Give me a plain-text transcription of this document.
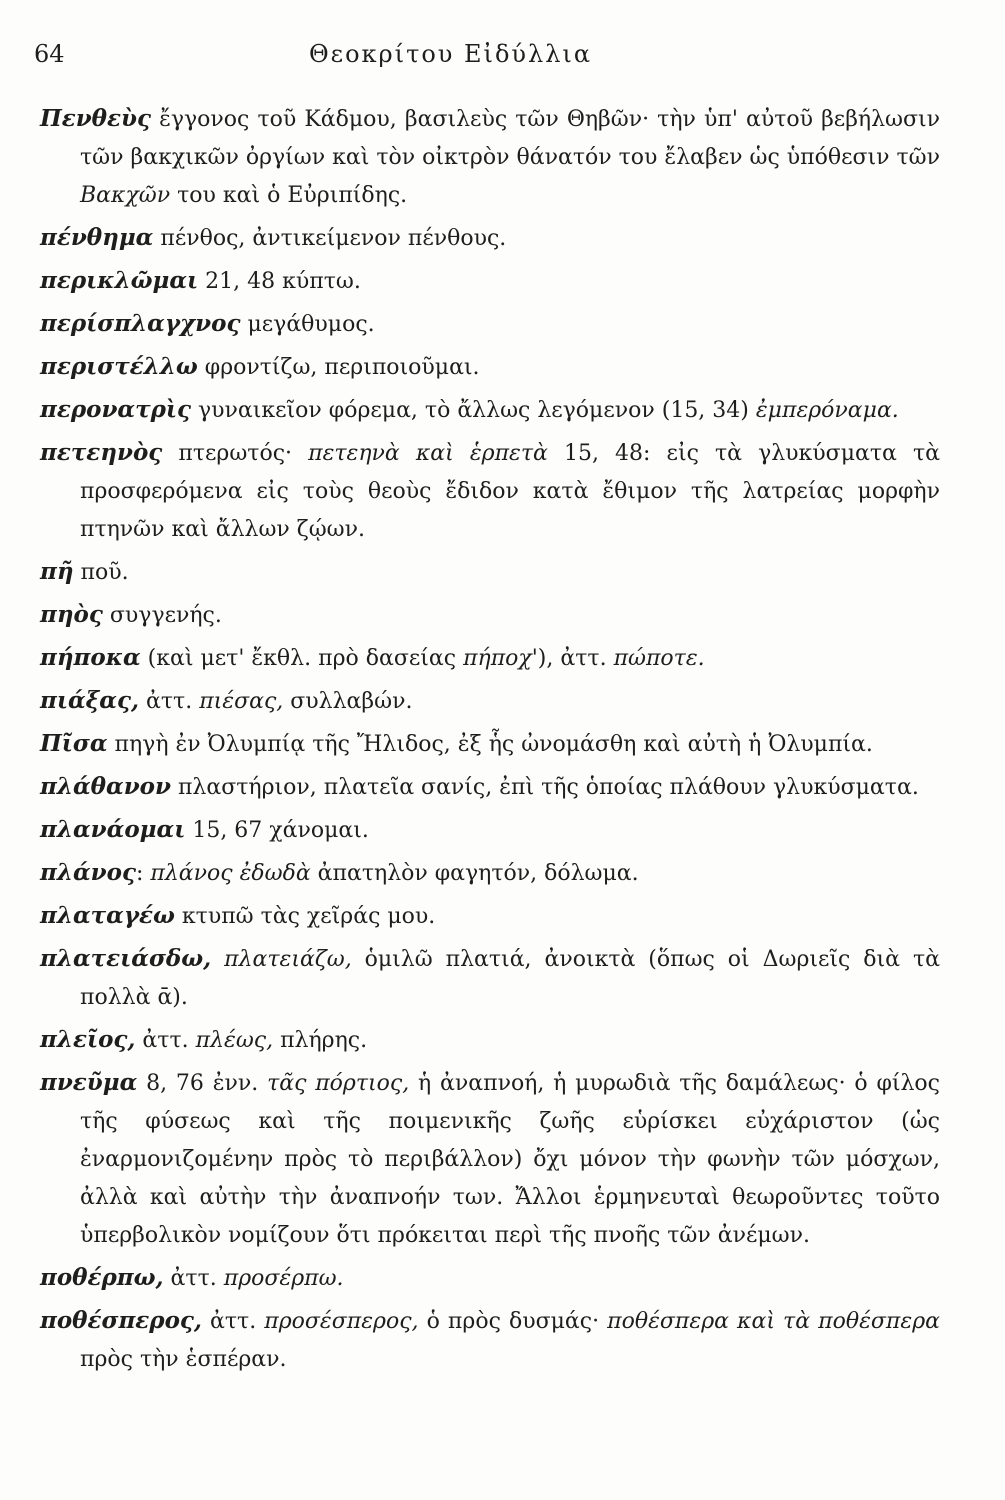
64	Θεοκρίτου Εἰδύλλια

Πενθεὺς ἔγγονος τοῦ Κάδμου, βασιλεὺς τῶν Θηβῶν· τὴν ὑπ' αὐτοῦ βεβήλωσιν τῶν βακχικῶν ὀργίων καὶ τὸν οἰκτρὸν θάνατόν του ἔλαβεν ὡς ὑπόθεσιν τῶν Βακχῶν του καὶ ὁ Εὐριπίδης.

πένθημα πένθος, ἀντικείμενον πένθους.

περικλῶμαι 21, 48 κύπτω.

περίσπλαγχνος μεγάθυμος.

περιστέλλω φροντίζω, περιποιοῦμαι.

περονατρὶς γυναικεῖον φόρεμα, τὸ ἄλλως λεγόμενον (15, 34) ἐμπερόναμα.

πετεηνὸς πτερωτός· πετεηνὰ καὶ ἑρπετὰ 15, 48: εἰς τὰ γλυκύσματα τὰ προσφερόμενα εἰς τοὺς θεοὺς ἔδιδον κατὰ ἔθιμον τῆς λατρείας μορφὴν πτηνῶν καὶ ἄλλων ζῴων.

πῆ ποῦ.

πηὸς συγγενής.

πήποκα (καὶ μετ' ἔκθλ. πρὸ δασείας πήποχ'), ἀττ. πώποτε.

πιάξας, ἀττ. πιέσας, συλλαβών.

Πῖσα πηγὴ ἐν Ὀλυμπίᾳ τῆς Ἤλιδος, ἐξ ἧς ὠνομάσθη καὶ αὐτὴ ἡ Ὀλυμπία.

πλάθανον πλαστήριον, πλατεῖα σανίς, ἐπὶ τῆς ὁποίας πλάθουν γλυκύσματα.

πλανάομαι 15, 67 χάνομαι.

πλάνος: πλάνος ἐδωδὰ ἀπατηλὸν φαγητόν, δόλωμα.

πλαταγέω κτυπῶ τὰς χεῖράς μου.

πλατειάσδω, πλατειάζω, ὁμιλῶ πλατιά, ἀνοικτὰ (ὅπως οἱ Δωριεῖς διὰ τὰ πολλὰ ᾱ).

πλεῖος, ἀττ. πλέως, πλήρης.

πνεῦμα 8, 76 ἐνν. τᾶς πόρτιος, ἡ ἀναπνοή, ἡ μυρωδιὰ τῆς δαμάλεως· ὁ φίλος τῆς φύσεως καὶ τῆς ποιμενικῆς ζωῆς εὑρίσκει εὐχάριστον (ὡς ἐναρμονιζομένην πρὸς τὸ περιβάλλον) ὄχι μόνον τὴν φωνὴν τῶν μόσχων, ἀλλὰ καὶ αὐτὴν τὴν ἀναπνοήν των. Ἄλλοι ἑρμηνευταὶ θεωροῦντες τοῦτο ὑπερβολικὸν νομίζουν ὅτι πρόκειται περὶ τῆς πνοῆς τῶν ἀνέμων.

ποθέρπω, ἀττ. προσέρπω.

ποθέσπερος, ἀττ. προσέσπερος, ὁ πρὸς δυσμάς· ποθέσπερα καὶ τὰ ποθέσπερα πρὸς τὴν ἑσπέραν.
